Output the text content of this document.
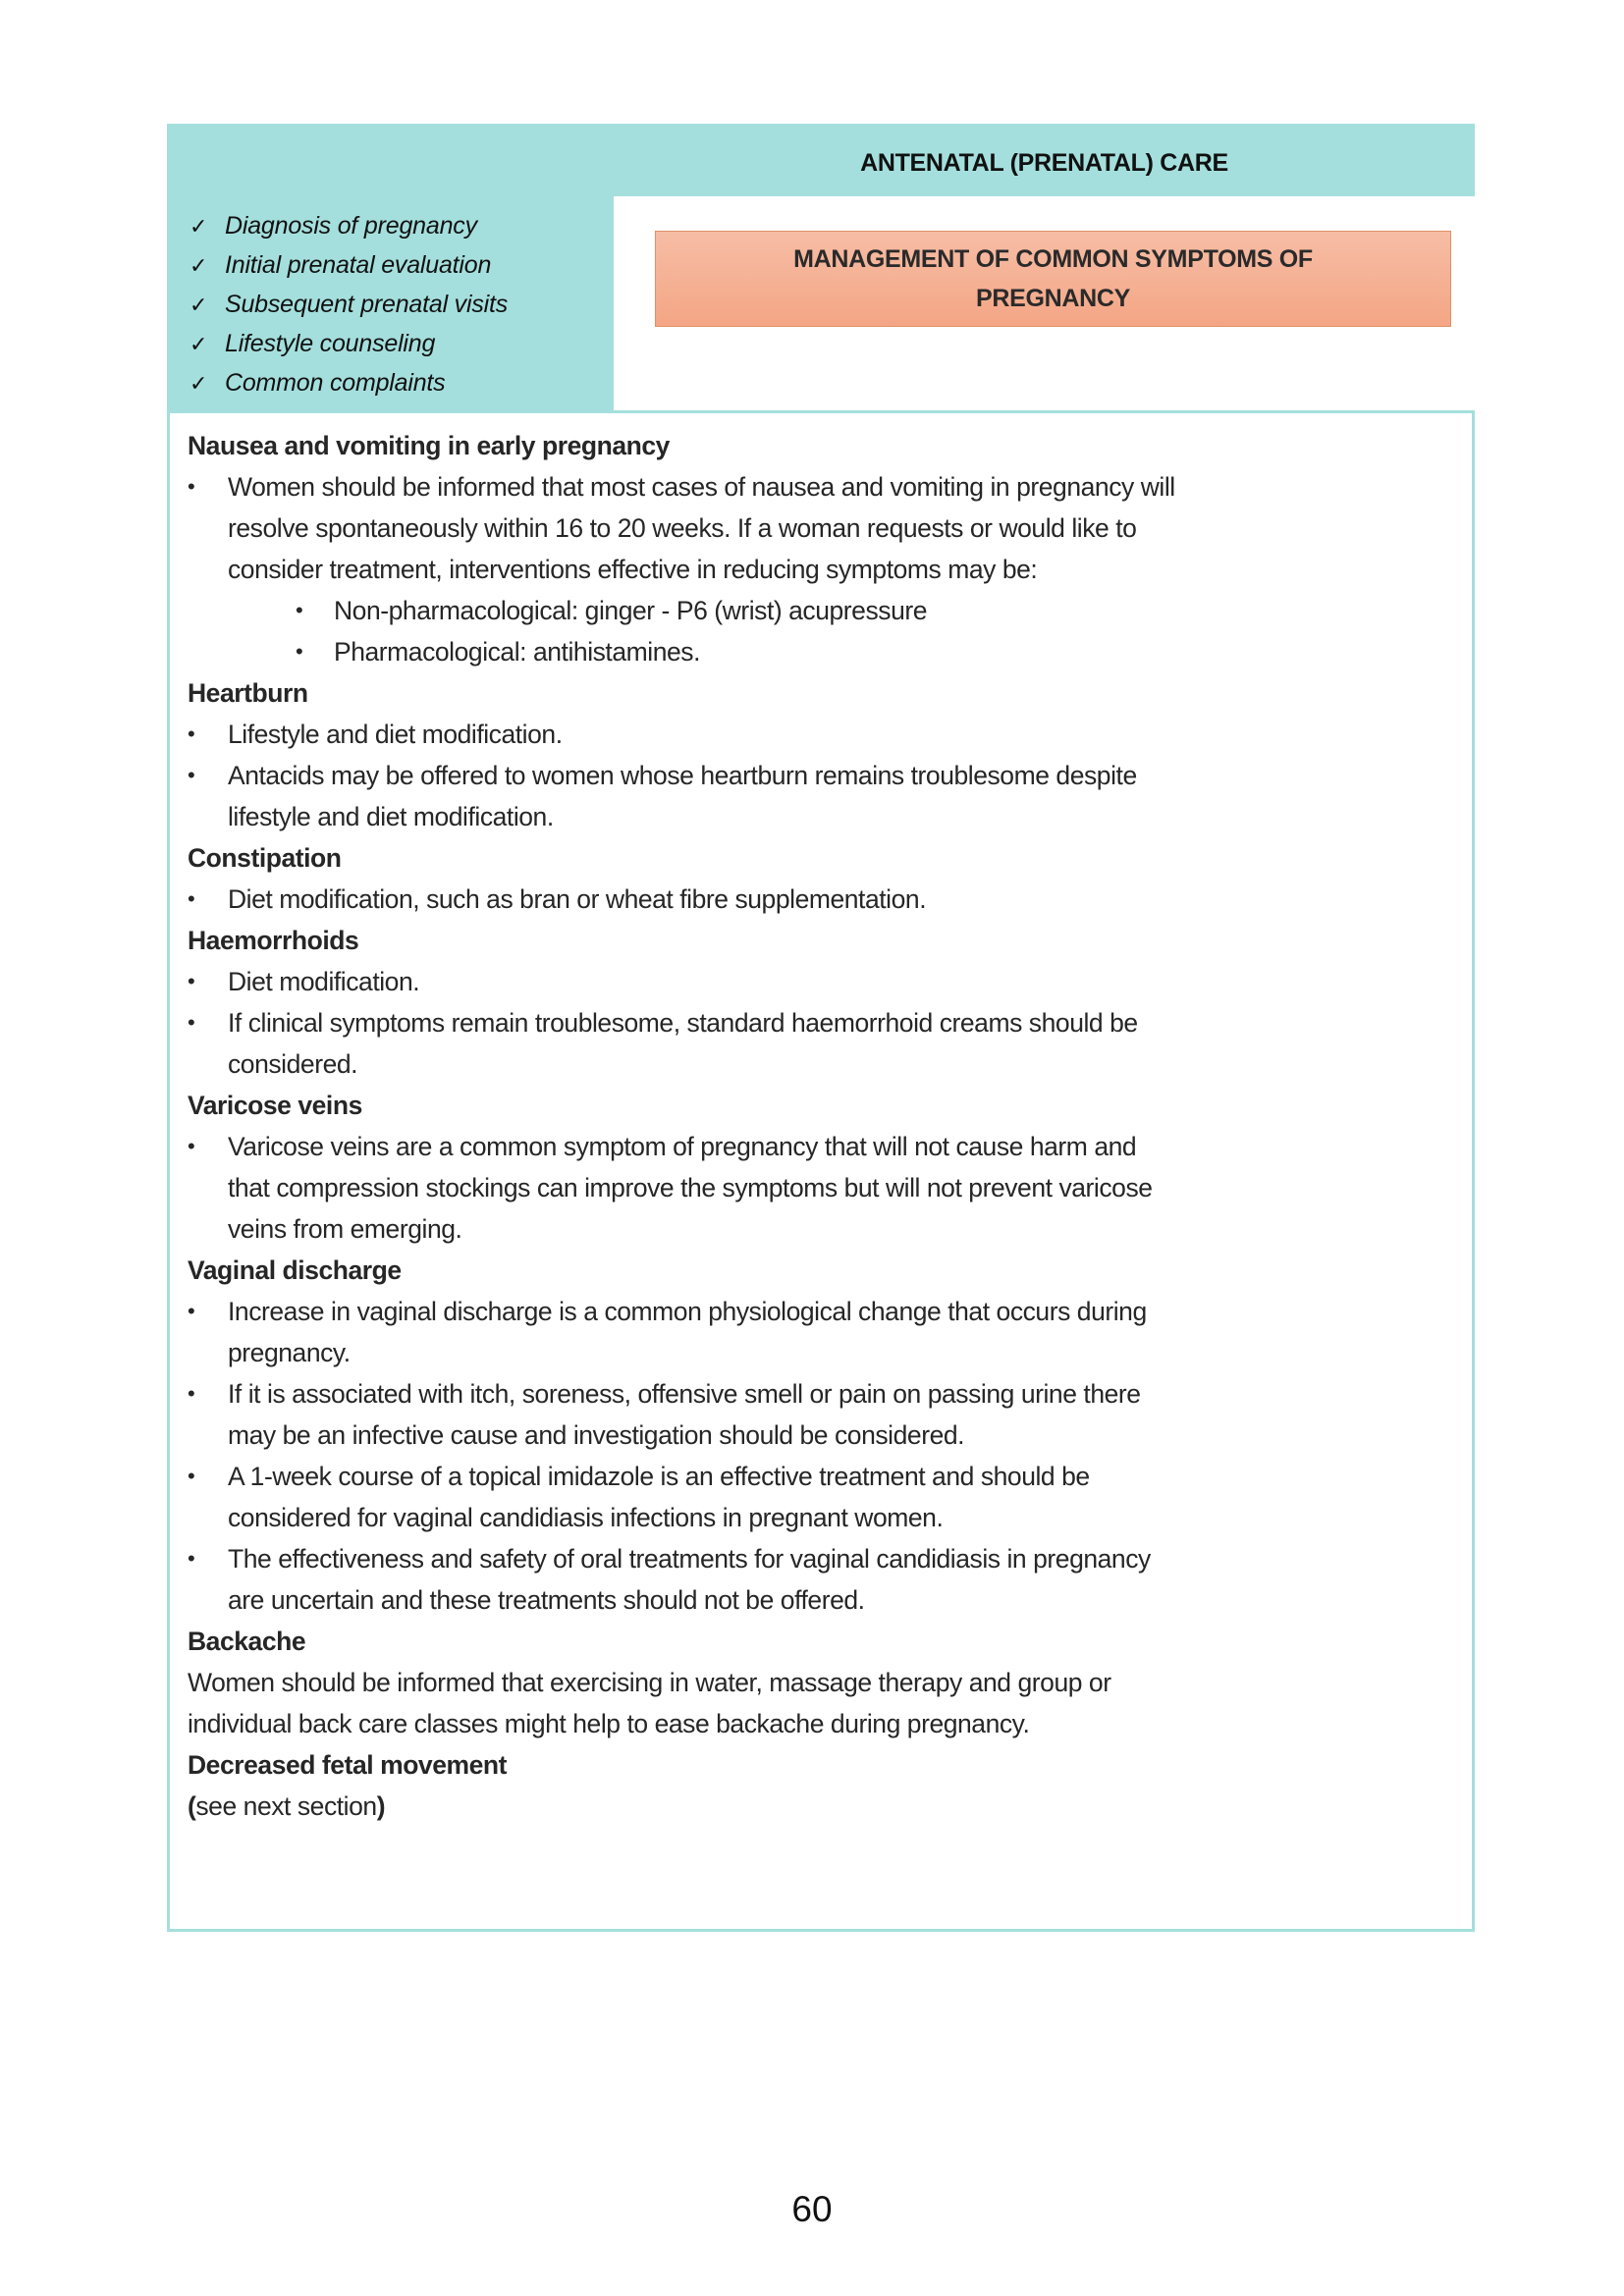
ANTENATAL (PRENATAL) CARE
✓ Diagnosis of pregnancy
✓ Initial prenatal evaluation
✓ Subsequent prenatal visits
✓ Lifestyle counseling
✓ Common complaints
MANAGEMENT OF COMMON SYMPTOMS OF
PREGNANCY
Nausea and vomiting in early pregnancy
• Women should be informed that most cases of nausea and vomiting in pregnancy will
resolve spontaneously within 16 to 20 weeks. If a woman requests or would like to
consider treatment, interventions effective in reducing symptoms may be:
• Non-pharmacological: ginger - P6 (wrist) acupressure
• Pharmacological: antihistamines.
Heartburn
• Lifestyle and diet modification.
• Antacids may be offered to women whose heartburn remains troublesome despite
lifestyle and diet modification.
Constipation
• Diet modification, such as bran or wheat fibre supplementation.
Haemorrhoids
• Diet modification.
• If clinical symptoms remain troublesome, standard haemorrhoid creams should be
considered.
Varicose veins
• Varicose veins are a common symptom of pregnancy that will not cause harm and
that compression stockings can improve the symptoms but will not prevent varicose
veins from emerging.
Vaginal discharge
• Increase in vaginal discharge is a common physiological change that occurs during
pregnancy.
• If it is associated with itch, soreness, offensive smell or pain on passing urine there
may be an infective cause and investigation should be considered.
• A 1-week course of a topical imidazole is an effective treatment and should be
considered for vaginal candidiasis infections in pregnant women.
• The effectiveness and safety of oral treatments for vaginal candidiasis in pregnancy
are uncertain and these treatments should not be offered.
Backache
Women should be informed that exercising in water, massage therapy and group or
individual back care classes might help to ease backache during pregnancy.
Decreased fetal movement
(see next section)
60
